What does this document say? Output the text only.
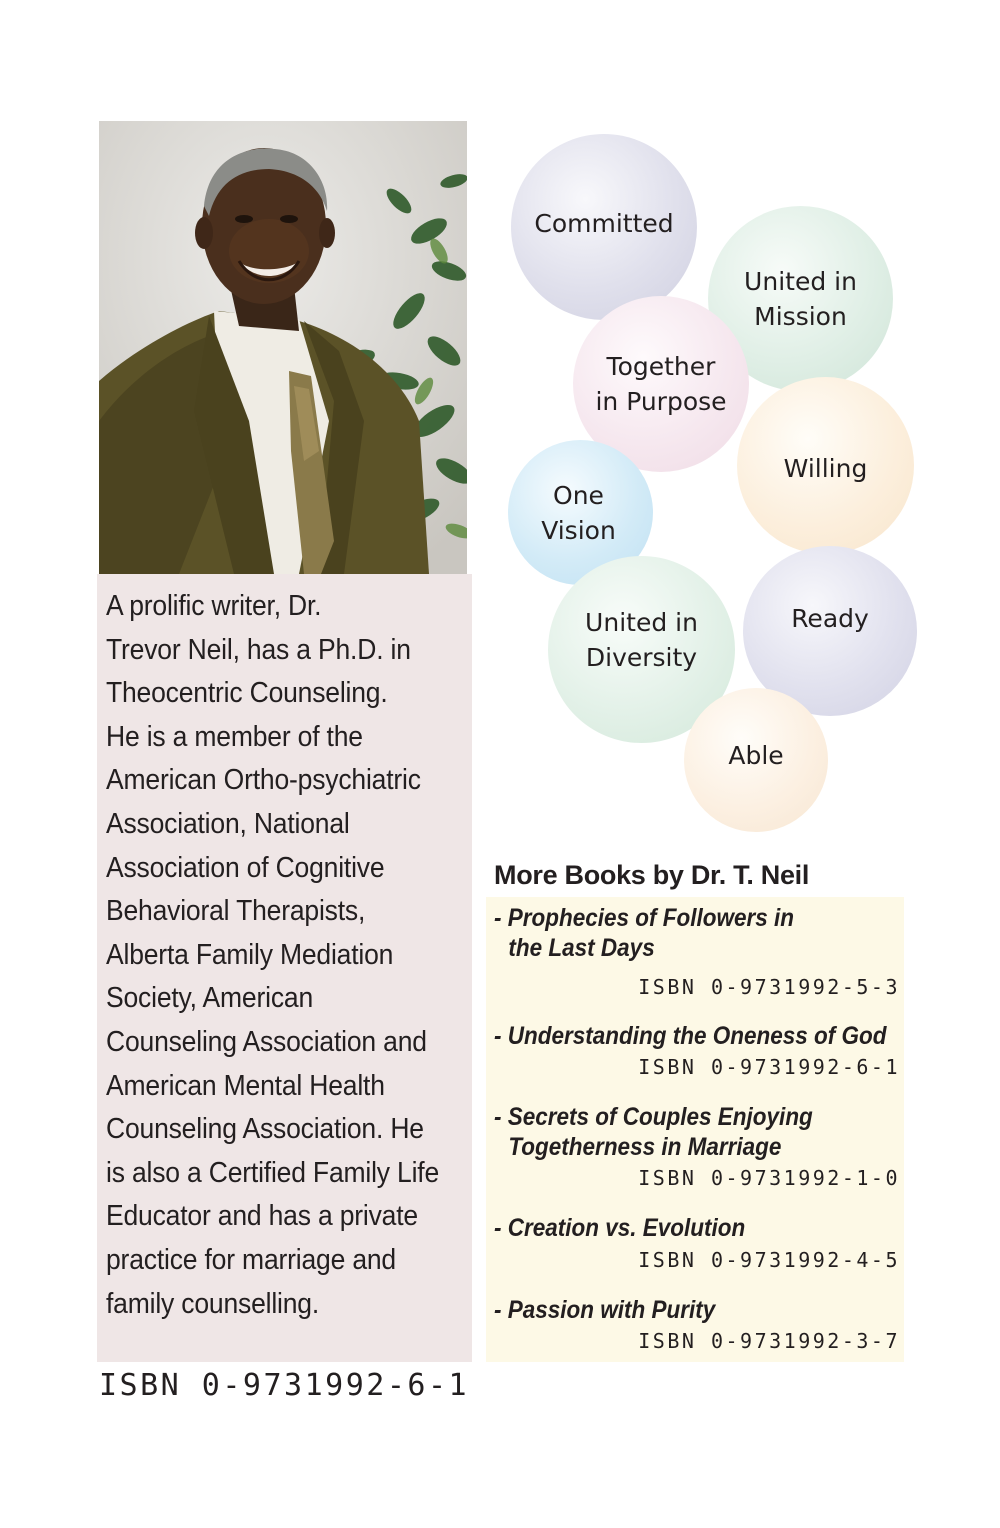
A prolific writer, Dr.
Trevor Neil, has a Ph.D. in
Theocentric Counseling.
He is a member of the
American Ortho-psychiatric
Association, National
Association of Cognitive
Behavioral Therapists,
Alberta Family Mediation
Society, American
Counseling Association and
American Mental Health
Counseling Association. He
is also a Certified Family Life
Educator and has a private
practice for marriage and
family counselling.
ISBN 0-9731992-6-1
Committed
United in
Mission
Together
in Purpose
Willing
One
Vision
Ready
United in
Diversity
Able
More Books by Dr. T. Neil
- Prophecies of Followers in
the Last Days
ISBN 0-9731992-5-3
- Understanding the Oneness of God
ISBN 0-9731992-6-1
- Secrets of Couples Enjoying
Togetherness in Marriage
ISBN 0-9731992-1-0
- Creation vs. Evolution
ISBN 0-9731992-4-5
- Passion with Purity
ISBN 0-9731992-3-7
